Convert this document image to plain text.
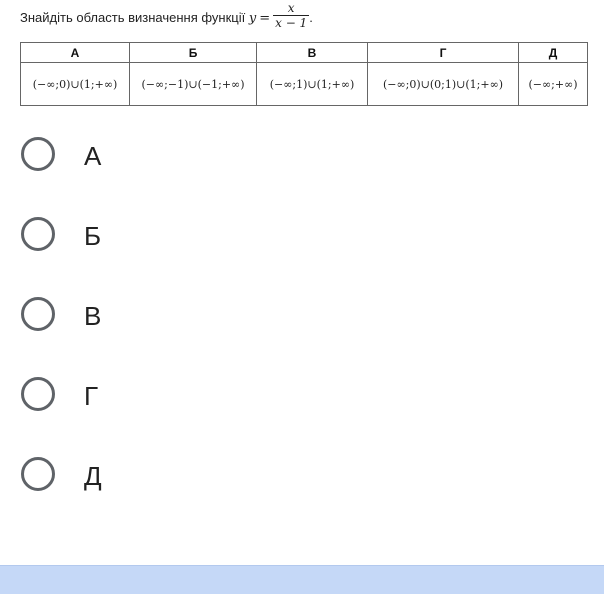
Знайдіть область визначення функції $y = \frac{x}{x - 1}$ .
А	Б	В	Г	Д
(−∞;0)∪(1;+∞)	(−∞;−1)∪(−1;+∞)	(−∞;1)∪(1;+∞)	(−∞;0)∪(0;1)∪(1;+∞)	(−∞;+∞)
А
Б
В
Г
Д
